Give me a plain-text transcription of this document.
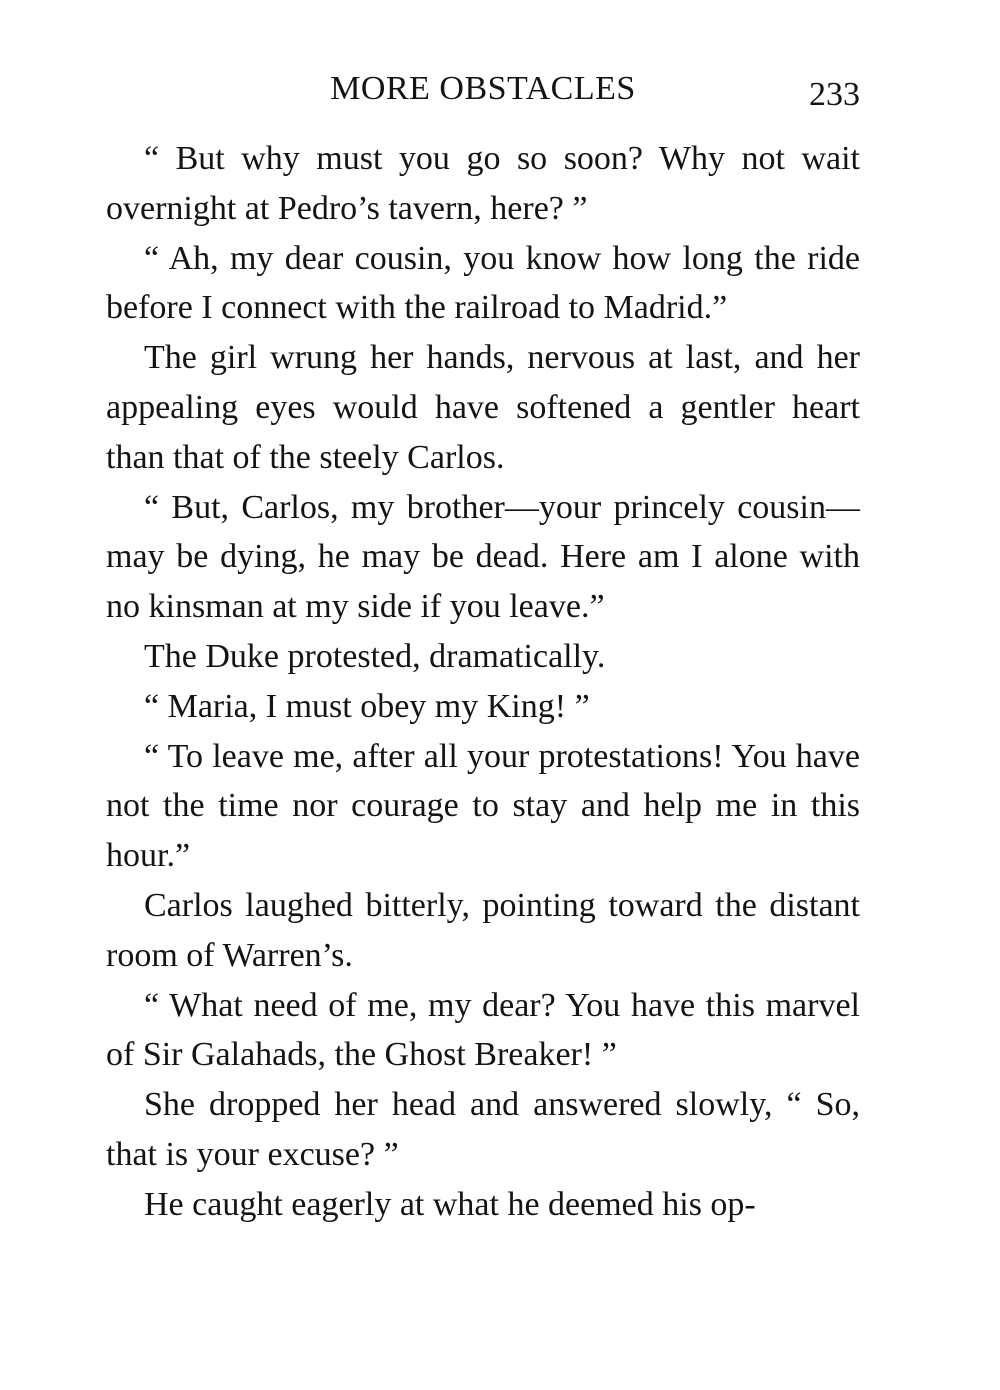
MORE OBSTACLES	233

“ But why must you go so soon? Why not wait overnight at Pedro’s tavern, here? ”

“ Ah, my dear cousin, you know how long the ride before I connect with the railroad to Madrid.”

The girl wrung her hands, nervous at last, and her appealing eyes would have softened a gentler heart than that of the steely Carlos.

“ But, Carlos, my brother—your princely cousin—may be dying, he may be dead. Here am I alone with no kinsman at my side if you leave.”

The Duke protested, dramatically.

“ Maria, I must obey my King! ”

“ To leave me, after all your protestations! You have not the time nor courage to stay and help me in this hour.”

Carlos laughed bitterly, pointing toward the distant room of Warren’s.

“ What need of me, my dear? You have this marvel of Sir Galahads, the Ghost Breaker! ”

She dropped her head and answered slowly, “ So, that is your excuse? ”

He caught eagerly at what he deemed his op-
